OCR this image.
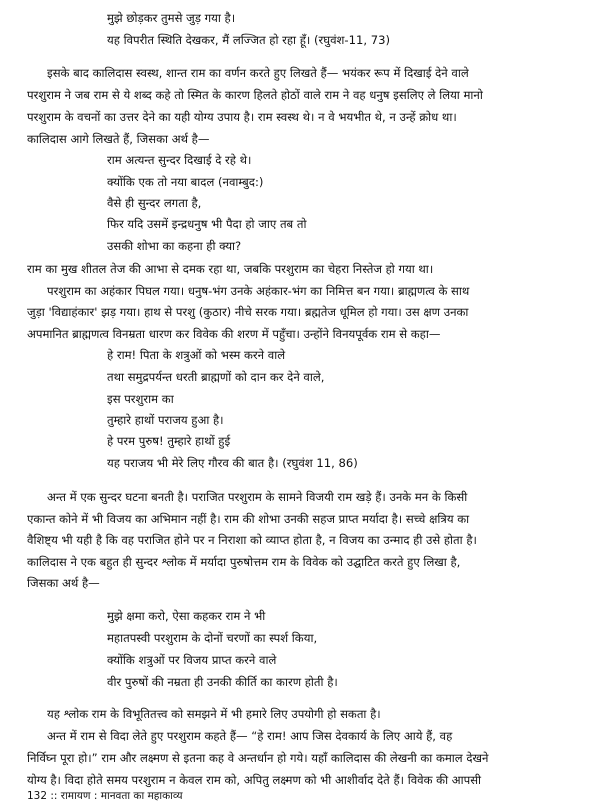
मुझे छोड़कर तुमसे जुड़ गया है।
यह विपरीत स्थिति देखकर, मैं लज्जित हो रहा हूँ। (रघुवंश-11, 73)
इसके बाद कालिदास स्वस्थ, शान्त राम का वर्णन करते हुए लिखते हैं— भयंकर रूप में दिखाई देने वाले
परशुराम ने जब राम से ये शब्द कहे तो स्मित के कारण हिलते होठों वाले राम ने वह धनुष इसलिए ले लिया मानो
परशुराम के वचनों का उत्तर देने का यही योग्य उपाय है। राम स्वस्थ थे। न वे भयभीत थे, न उन्हें क्रोध था।
कालिदास आगे लिखते हैं, जिसका अर्थ है—
राम अत्यन्त सुन्दर दिखाई दे रहे थे।
क्योंकि एक तो नया बादल (नवाम्बुद:)
वैसे ही सुन्दर लगता है,
फिर यदि उसमें इन्द्रधनुष भी पैदा हो जाए तब तो
उसकी शोभा का कहना ही क्या?
राम का मुख शीतल तेज की आभा से दमक रहा था, जबकि परशुराम का चेहरा निस्तेज हो गया था।
परशुराम का अहंकार पिघल गया। धनुष-भंग उनके अहंकार-भंग का निमित्त बन गया। ब्राह्मणत्व के साथ
जुड़ा 'विद्याहंकार' झड़ गया। हाथ से परशु (कुठार) नीचे सरक गया। ब्रह्मतेज धूमिल हो गया। उस क्षण उनका
अपमानित ब्राह्मणत्व विनम्रता धारण कर विवेक की शरण में पहुँचा। उन्होंने विनयपूर्वक राम से कहा—
हे राम! पिता के शत्रुओं को भस्म करने वाले
तथा समुद्रपर्यन्त धरती ब्राह्मणों को दान कर देने वाले,
इस परशुराम का
तुम्हारे हाथों पराजय हुआ है।
हे परम पुरुष! तुम्हारे हाथों हुई
यह पराजय भी मेरे लिए गौरव की बात है। (रघुवंश 11, 86)
अन्त में एक सुन्दर घटना बनती है। पराजित परशुराम के सामने विजयी राम खड़े हैं। उनके मन के किसी
एकान्त कोने में भी विजय का अभिमान नहीं है। राम की शोभा उनकी सहज प्राप्त मर्यादा है। सच्चे क्षत्रिय का
वैशिष्ट्य भी यही है कि वह पराजित होने पर न निराशा को व्याप्त होता है, न विजय का उन्माद ही उसे होता है।
कालिदास ने एक बहुत ही सुन्दर श्लोक में मर्यादा पुरुषोत्तम राम के विवेक को उद्घाटित करते हुए लिखा है,
जिसका अर्थ है—
मुझे क्षमा करो, ऐसा कहकर राम ने भी
महातपस्वी परशुराम के दोनों चरणों का स्पर्श किया,
क्योंकि शत्रुओं पर विजय प्राप्त करने वाले
वीर पुरुषों की नम्रता ही उनकी कीर्ति का कारण होती है।
यह श्लोक राम के विभूतितत्त्व को समझने में भी हमारे लिए उपयोगी हो सकता है।
अन्त में राम से विदा लेते हुए परशुराम कहते हैं— “हे राम! आप जिस देवकार्य के लिए आये हैं, वह
निर्विघ्न पूरा हो।” राम और लक्ष्मण से इतना कह वे अन्तर्धान हो गये। यहाँ कालिदास की लेखनी का कमाल देखने
योग्य है। विदा होते समय परशुराम न केवल राम को, अपितु लक्ष्मण को भी आशीर्वाद देते हैं। विवेक की आपसी
132 :: रामायण : मानवता का महाकाव्य
